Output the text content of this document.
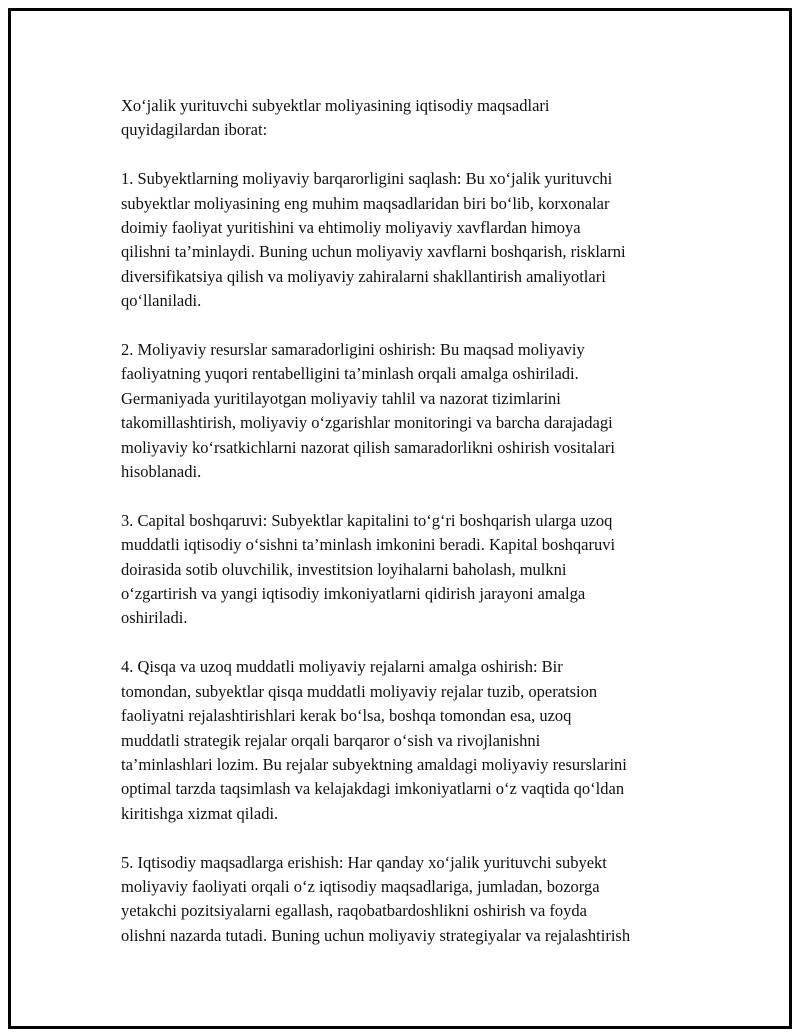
Xo‘jalik yurituvchi subyektlar moliyasining iqtisodiy maqsadlari
quyidagilardan iborat:

1. Subyektlarning moliyaviy barqarorligini saqlash: Bu xo‘jalik yurituvchi
subyektlar moliyasining eng muhim maqsadlaridan biri bo‘lib, korxonalar
doimiy faoliyat yuritishini va ehtimoliy moliyaviy xavflardan himoya
qilishni ta’minlaydi. Buning uchun moliyaviy xavflarni boshqarish, risklarni
diversifikatsiya qilish va moliyaviy zahiralarni shakllantirish amaliyotlari
qo‘llaniladi.

2. Moliyaviy resurslar samaradorligini oshirish: Bu maqsad moliyaviy
faoliyatning yuqori rentabelligini ta’minlash orqali amalga oshiriladi.
Germaniyada yuritilayotgan moliyaviy tahlil va nazorat tizimlarini
takomillashtirish, moliyaviy o‘zgarishlar monitoringi va barcha darajadagi
moliyaviy ko‘rsatkichlarni nazorat qilish samaradorlikni oshirish vositalari
hisoblanadi.

3. Capital boshqaruvi: Subyektlar kapitalini to‘g‘ri boshqarish ularga uzoq
muddatli iqtisodiy o‘sishni ta’minlash imkonini beradi. Kapital boshqaruvi
doirasida sotib oluvchilik, investitsion loyihalarni baholash, mulkni
o‘zgartirish va yangi iqtisodiy imkoniyatlarni qidirish jarayoni amalga
oshiriladi.

4. Qisqa va uzoq muddatli moliyaviy rejalarni amalga oshirish: Bir
tomondan, subyektlar qisqa muddatli moliyaviy rejalar tuzib, operatsion
faoliyatni rejalashtirishlari kerak bo‘lsa, boshqa tomondan esa, uzoq
muddatli strategik rejalar orqali barqaror o‘sish va rivojlanishni
ta’minlashlari lozim. Bu rejalar subyektning amaldagi moliyaviy resurslarini
optimal tarzda taqsimlash va kelajakdagi imkoniyatlarni o‘z vaqtida qo‘ldan
kiritishga xizmat qiladi.

5. Iqtisodiy maqsadlarga erishish: Har qanday xo‘jalik yurituvchi subyekt
moliyaviy faoliyati orqali o‘z iqtisodiy maqsadlariga, jumladan, bozorga
yetakchi pozitsiyalarni egallash, raqobatbardoshlikni oshirish va foyda
olishni nazarda tutadi. Buning uchun moliyaviy strategiyalar va rejalashtirish
